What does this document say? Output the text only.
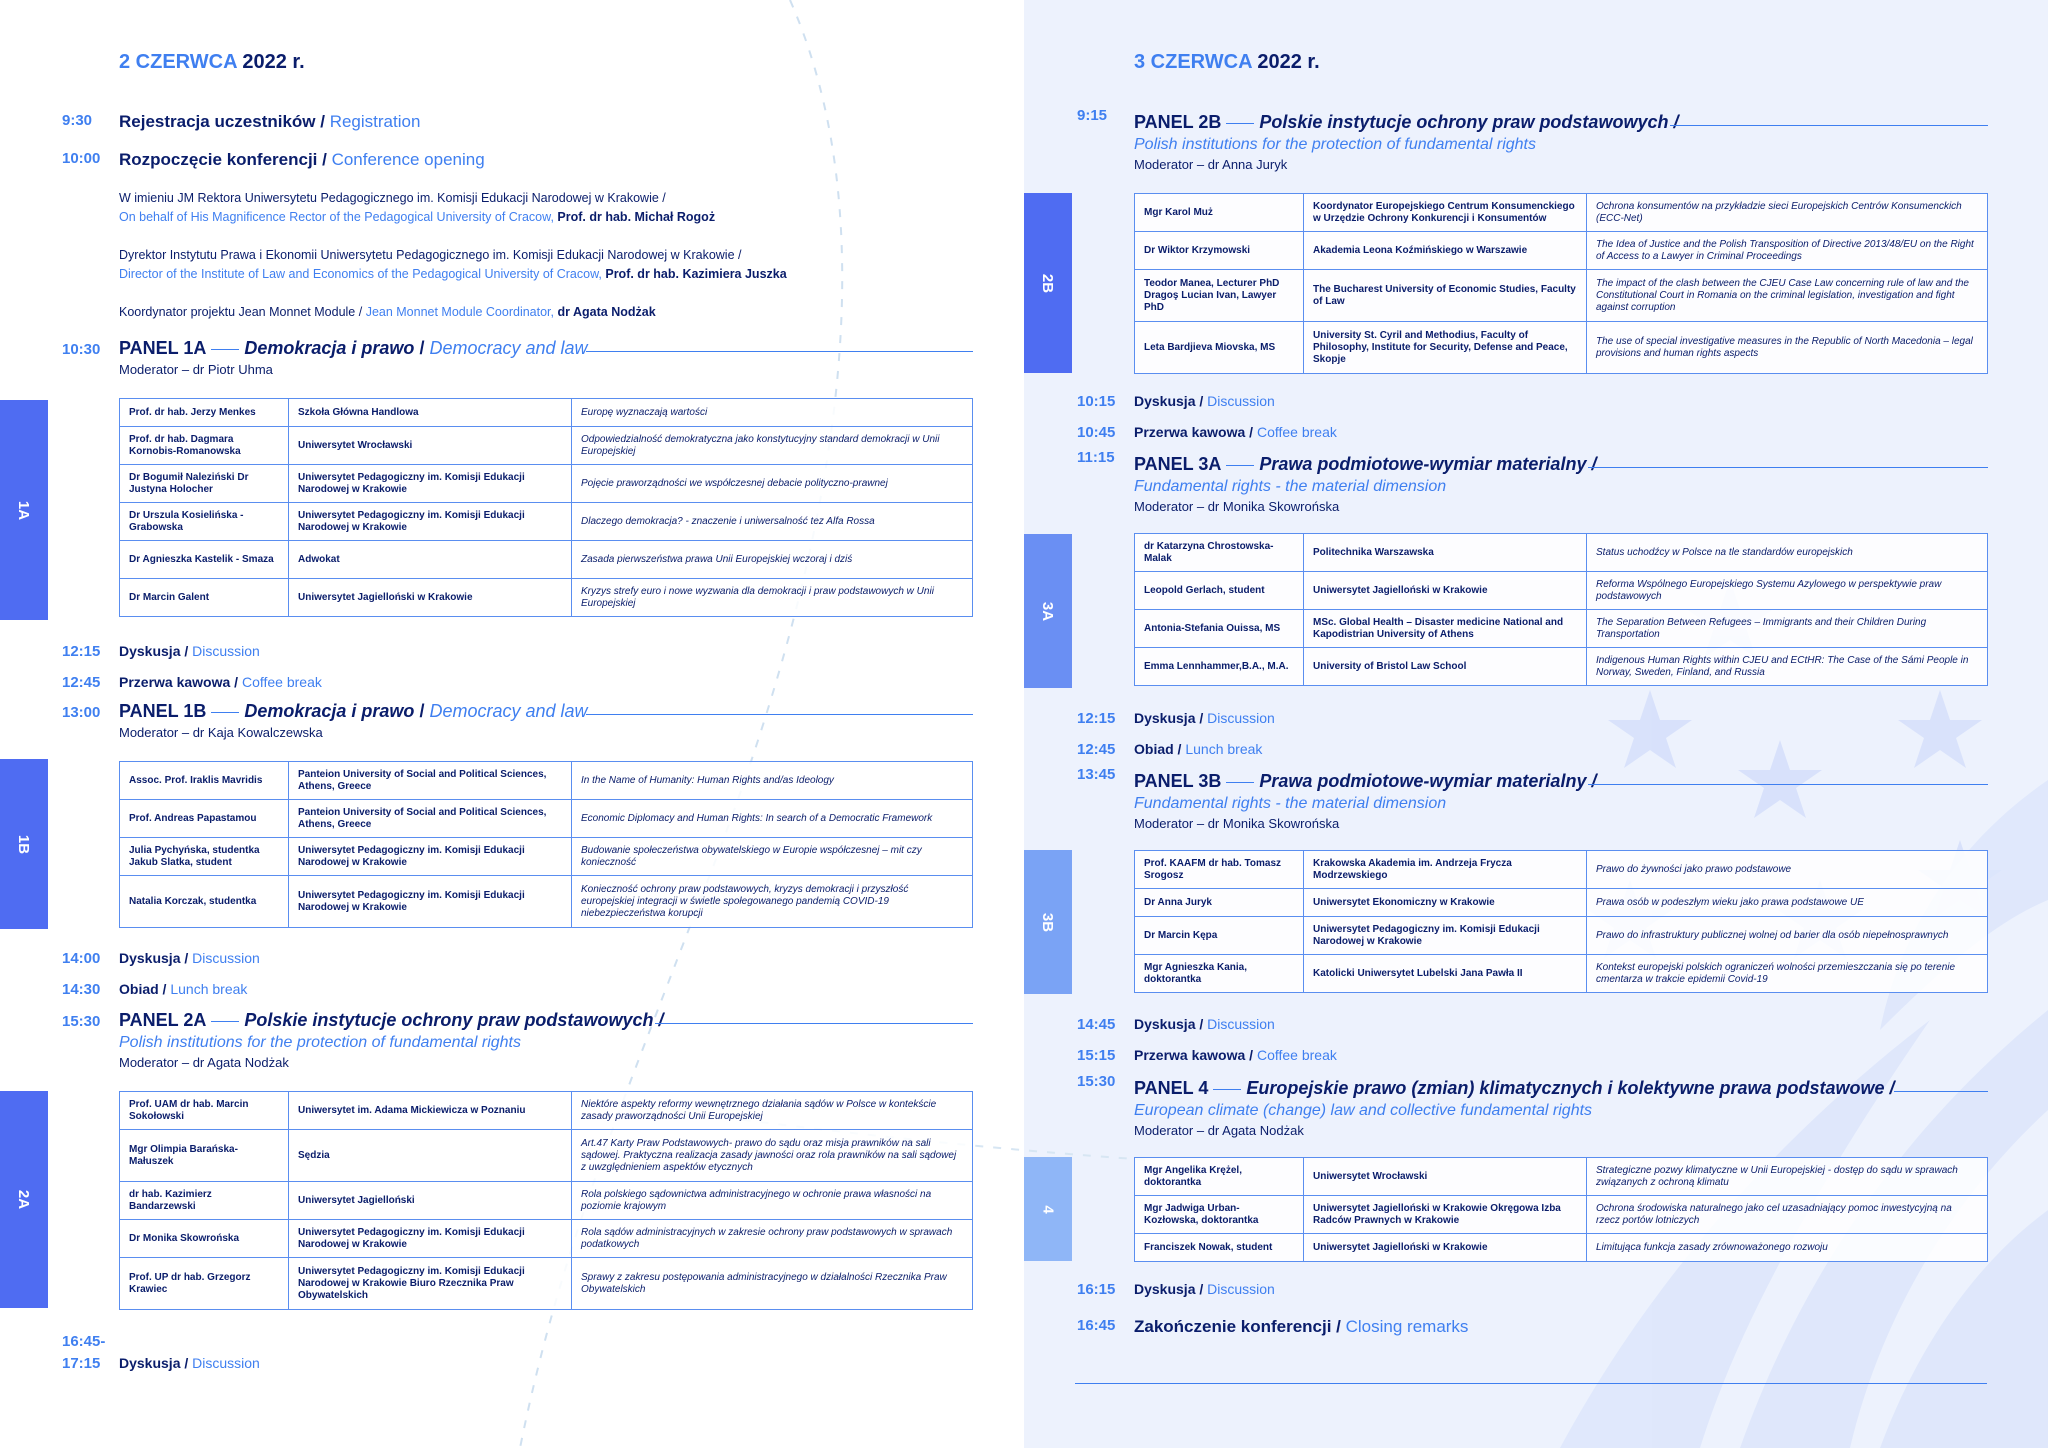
2 CZERWCA 2022 r.
9:30 Rejestracja uczestników / Registration
10:00 Rozpoczęcie konferencji / Conference opening
W imieniu JM Rektora Uniwersytetu Pedagogicznego im. Komisji Edukacji Narodowej w Krakowie /
On behalf of His Magnificence Rector of the Pedagogical University of Cracow, Prof. dr hab. Michał Rogoż
Dyrektor Instytutu Prawa i Ekonomii Uniwersytetu Pedagogicznego im. Komisji Edukacji Narodowej w Krakowie /
Director of the Institute of Law and Economics of the Pedagogical University of Cracow, Prof. dr hab. Kazimiera Juszka
Koordynator projektu Jean Monnet Module / Jean Monnet Module Coordinator, dr Agata Nodżak
1A
10:30 PANEL 1A Demokracja i prawo / Democracy and law
Moderator – dr Piotr Uhma
Prof. dr hab. Jerzy Menkes	Szkoła Główna Handlowa	Europę wyznaczają wartości
Prof. dr hab. Dagmara Kornobis-Romanowska	Uniwersytet Wrocławski	Odpowiedzialność demokratyczna jako konstytucyjny standard demokracji w Unii Europejskiej
Dr Bogumił Naleziński Dr Justyna Holocher	Uniwersytet Pedagogiczny im. Komisji Edukacji Narodowej w Krakowie	Pojęcie praworządności we współczesnej debacie polityczno-prawnej
Dr Urszula Kosielińska - Grabowska	Uniwersytet Pedagogiczny im. Komisji Edukacji Narodowej w Krakowie	Dlaczego demokracja? - znaczenie i uniwersalność tez Alfa Rossa
Dr Agnieszka Kastelik - Smaza	Adwokat	Zasada pierwszeństwa prawa Unii Europejskiej wczoraj i dziś
Dr Marcin Galent	Uniwersytet Jagielloński w Krakowie	Kryzys strefy euro i nowe wyzwania dla demokracji i praw podstawowych w Unii Europejskiej
12:15 Dyskusja / Discussion
12:45 Przerwa kawowa / Coffee break
1B
13:00 PANEL 1B Demokracja i prawo / Democracy and law
Moderator – dr Kaja Kowalczewska
Assoc. Prof. Iraklis Mavridis	Panteion University of Social and Political Sciences, Athens, Greece	In the Name of Humanity: Human Rights and/as Ideology
Prof. Andreas Papastamou	Panteion University of Social and Political Sciences, Athens, Greece	Economic Diplomacy and Human Rights: In search of a Democratic Framework
Julia Pychyńska, studentka Jakub Slatka, student	Uniwersytet Pedagogiczny im. Komisji Edukacji Narodowej w Krakowie	Budowanie społeczeństwa obywatelskiego w Europie współczesnej – mit czy konieczność
Natalia Korczak, studentka	Uniwersytet Pedagogiczny im. Komisji Edukacji Narodowej w Krakowie	Konieczność ochrony praw podstawowych, kryzys demokracji i przyszłość europejskiej integracji w świetle społegowanego pandemią COVID-19 niebezpieczeństwa korupcji
14:00 Dyskusja / Discussion
14:30 Obiad / Lunch break
2A
15:30 PANEL 2A Polskie instytucje ochrony praw podstawowych /
Polish institutions for the protection of fundamental rights
Moderator – dr Agata Nodżak
Prof. UAM dr hab. Marcin Sokołowski	Uniwersytet im. Adama Mickiewicza w Poznaniu	Niektóre aspekty reformy wewnętrznego działania sądów w Polsce w kontekście zasady praworządności Unii Europejskiej
Mgr Olimpia Barańska-Małuszek	Sędzia	Art.47 Karty Praw Podstawowych- prawo do sądu oraz misja prawników na sali sądowej. Praktyczna realizacja zasady jawności oraz rola prawników na sali sądowej z uwzględnieniem aspektów etycznych
dr hab. Kazimierz Bandarzewski	Uniwersytet Jagielloński	Rola polskiego sądownictwa administracyjnego w ochronie prawa własności na poziomie krajowym
Dr Monika Skowrońska	Uniwersytet Pedagogiczny im. Komisji Edukacji Narodowej w Krakowie	Rola sądów administracyjnych w zakresie ochrony praw podstawowych w sprawach podatkowych
Prof. UP dr hab. Grzegorz Krawiec	Uniwersytet Pedagogiczny im. Komisji Edukacji Narodowej w Krakowie Biuro Rzecznika Praw Obywatelskich	Sprawy z zakresu postępowania administracyjnego w działalności Rzecznika Praw Obywatelskich
16:45-
17:15 Dyskusja / Discussion
3 CZERWCA 2022 r.
2B
9:15 PANEL 2B Polskie instytucje ochrony praw podstawowych /
Polish institutions for the protection of fundamental rights
Moderator – dr Anna Juryk
Mgr Karol Muż	Koordynator Europejskiego Centrum Konsumenckiego w Urzędzie Ochrony Konkurencji i Konsumentów	Ochrona konsumentów na przykładzie sieci Europejskich Centrów Konsumenckich (ECC-Net)
Dr Wiktor Krzymowski	Akademia Leona Koźmińskiego w Warszawie	The Idea of Justice and the Polish Transposition of Directive 2013/48/EU on the Right of Access to a Lawyer in Criminal Proceedings
Teodor Manea, Lecturer PhD Dragoş Lucian Ivan, Lawyer PhD	The Bucharest University of Economic Studies, Faculty of Law	The impact of the clash between the CJEU Case Law concerning rule of law and the Constitutional Court in Romania on the criminal legislation, investigation and fight against corruption
Leta Bardjieva Miovska, MS	University St. Cyril and Methodius, Faculty of Philosophy, Institute for Security, Defense and Peace, Skopje	The use of special investigative measures in the Republic of North Macedonia – legal provisions and human rights aspects
10:15 Dyskusja / Discussion
10:45 Przerwa kawowa / Coffee break
3A
11:15 PANEL 3A Prawa podmiotowe-wymiar materialny /
Fundamental rights - the material dimension
Moderator – dr Monika Skowrońska
dr Katarzyna Chrostowska-Malak	Politechnika Warszawska	Status uchodźcy w Polsce na tle standardów europejskich
Leopold Gerlach, student	Uniwersytet Jagielloński w Krakowie	Reforma Wspólnego Europejskiego Systemu Azylowego w perspektywie praw podstawowych
Antonia-Stefania Ouissa, MS	MSc. Global Health – Disaster medicine National and Kapodistrian University of Athens	The Separation Between Refugees – Immigrants and their Children During Transportation
Emma Lennhammer,B.A., M.A.	University of Bristol Law School	Indigenous Human Rights within CJEU and ECtHR: The Case of the Sámi People in Norway, Sweden, Finland, and Russia
12:15 Dyskusja / Discussion
12:45 Obiad / Lunch break
3B
13:45 PANEL 3B Prawa podmiotowe-wymiar materialny /
Fundamental rights - the material dimension
Moderator – dr Monika Skowrońska
Prof. KAAFM dr hab. Tomasz Srogosz	Krakowska Akademia im. Andrzeja Frycza Modrzewskiego	Prawo do żywności jako prawo podstawowe
Dr Anna Juryk	Uniwersytet Ekonomiczny w Krakowie	Prawa osób w podeszłym wieku jako prawa podstawowe UE
Dr Marcin Kępa	Uniwersytet Pedagogiczny im. Komisji Edukacji Narodowej w Krakowie	Prawo do infrastruktury publicznej wolnej od barier dla osób niepełnosprawnych
Mgr Agnieszka Kania, doktorantka	Katolicki Uniwersytet Lubelski Jana Pawła II	Kontekst europejski polskich ograniczeń wolności przemieszczania się po terenie cmentarza w trakcie epidemii Covid-19
14:45 Dyskusja / Discussion
15:15 Przerwa kawowa / Coffee break
4
15:30 PANEL 4 Europejskie prawo (zmian) klimatycznych i kolektywne prawa podstawowe /
European climate (change) law and collective fundamental rights
Moderator – dr Agata Nodżak
Mgr Angelika Krężel, doktorantka	Uniwersytet Wrocławski	Strategiczne pozwy klimatyczne w Unii Europejskiej - dostęp do sądu w sprawach związanych z ochroną klimatu
Mgr Jadwiga Urban-Kozłowska, doktorantka	Uniwersytet Jagielloński w Krakowie Okręgowa Izba Radców Prawnych w Krakowie	Ochrona środowiska naturalnego jako cel uzasadniający pomoc inwestycyjną na rzecz portów lotniczych
Franciszek Nowak, student	Uniwersytet Jagielloński w Krakowie	Limitująca funkcja zasady zrównoważonego rozwoju
16:15 Dyskusja / Discussion
16:45 Zakończenie konferencji / Closing remarks
